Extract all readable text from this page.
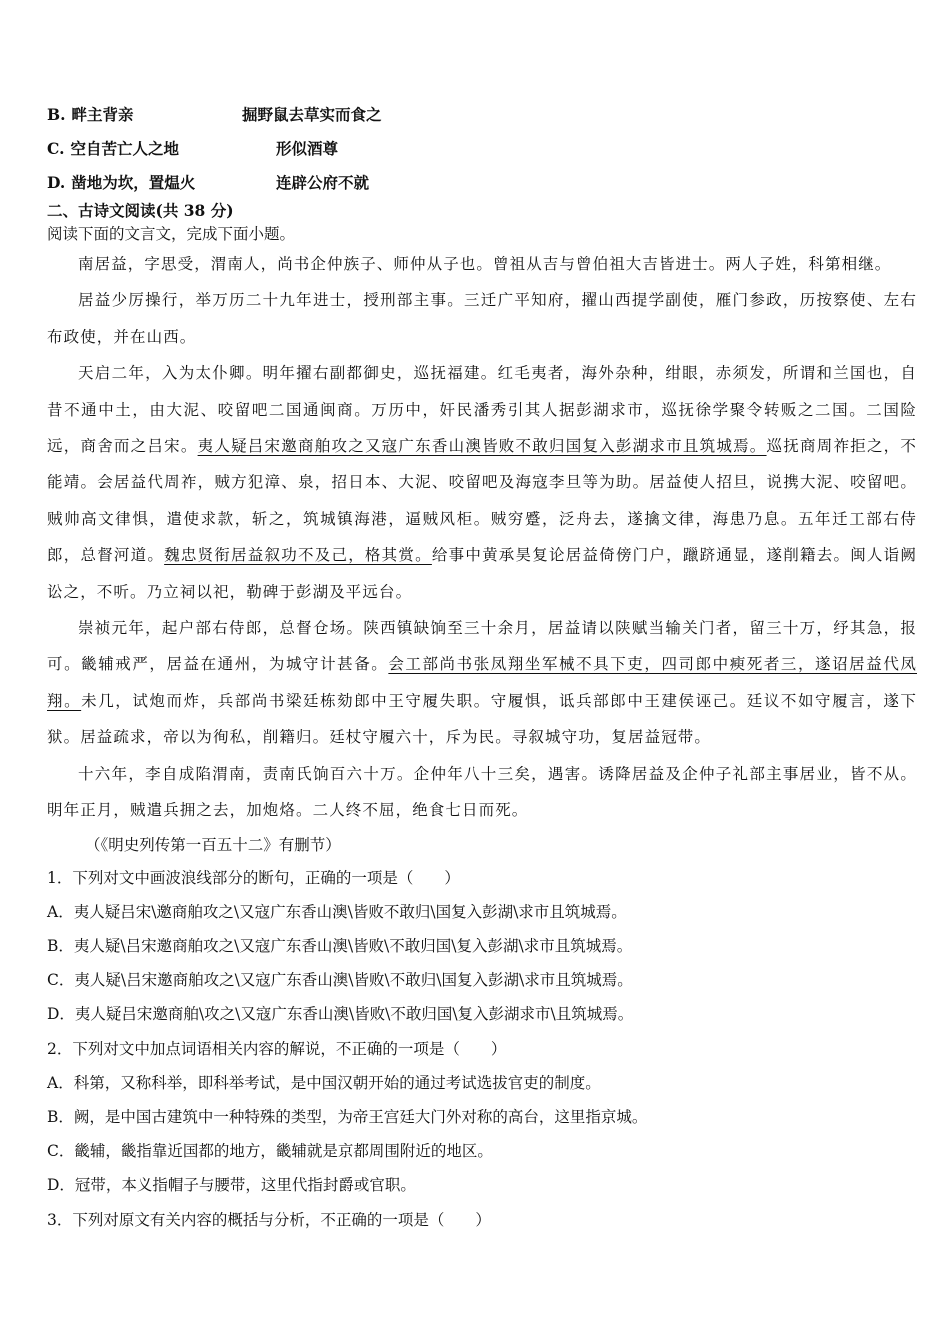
B. 畔主背亲	掘野鼠去草实而食之
C. 空自苦亡人之地	形似酒尊
D. 凿地为坎，置煴火	连辟公府不就
二、古诗文阅读(共 38 分)
阅读下面的文言文，完成下面小题。

南居益，字思受，渭南人，尚书企仲族子、师仲从子也。曾祖从吉与曾伯祖大吉皆进士。两人子姓，科第相继。

居益少厉操行，举万历二十九年进士，授刑部主事。三迁广平知府，擢山西提学副使，雁门参政，历按察使、左右布政使，并在山西。

天启二年，入为太仆卿。明年擢右副都御史，巡抚福建。红毛夷者，海外杂种，绀眼，赤须发，所谓和兰国也，自昔不通中土，由大泥、咬留吧二国通闽商。万历中，奸民潘秀引其人据彭湖求市，巡抚徐学聚令转贩之二国。二国险远，商舍而之吕宋。夷人疑吕宋邀商舶攻之又寇广东香山澳皆败不敢归国复入彭湖求市且筑城焉。巡抚商周祚拒之，不能靖。会居益代周祚，贼方犯漳、泉，招日本、大泥、咬留吧及海寇李旦等为助。居益使人招旦，说携大泥、咬留吧。贼帅高文律惧，遣使求款，斩之，筑城镇海港，逼贼风柜。贼穷蹙，泛舟去，遂擒文律，海患乃息。五年迁工部右侍郎，总督河道。魏忠贤衔居益叙功不及己，格其赏。给事中黄承昊复论居益倚傍门户，躐跻通显，遂削籍去。闽人诣阙讼之，不听。乃立祠以祀，勒碑于彭湖及平远台。

崇祯元年，起户部右侍郎，总督仓场。陕西镇缺饷至三十余月，居益请以陕赋当输关门者，留三十万，纾其急，报可。畿辅戒严，居益在通州，为城守计甚备。会工部尚书张凤翔坐军械不具下吏，四司郎中瘐死者三，遂诏居益代凤翔。未几，试炮而炸，兵部尚书梁廷栋劾郎中王守履失职。守履惧，诋兵部郎中王建侯诬己。廷议不如守履言，遂下狱。居益疏求，帝以为徇私，削籍归。廷杖守履六十，斥为民。寻叙城守功，复居益冠带。

十六年，李自成陷渭南，责南氏饷百六十万。企仲年八十三矣，遇害。诱降居益及企仲子礼部主事居业，皆不从。明年正月，贼遣兵拥之去，加炮烙。二人终不屈，绝食七日而死。

（《明史列传第一百五十二》有删节）
1．下列对文中画波浪线部分的断句，正确的一项是（　　）
A．夷人疑吕宋\邀商舶攻之\又寇广东香山澳\皆败不敢归\国复入彭湖\求市且筑城焉。
B．夷人疑\吕宋邀商舶攻之\又寇广东香山澳\皆败\不敢归国\复入彭湖\求市且筑城焉。
C．夷人疑\吕宋邀商舶攻之\又寇广东香山澳\皆败\不敢归\国复入彭湖\求市且筑城焉。
D．夷人疑吕宋邀商舶\攻之\又寇广东香山澳\皆败\不敢归国\复入彭湖求市\且筑城焉。
2．下列对文中加点词语相关内容的解说，不正确的一项是（　　）
A．科第，又称科举，即科举考试，是中国汉朝开始的通过考试选拔官吏的制度。
B．阙，是中国古建筑中一种特殊的类型，为帝王宫廷大门外对称的高台，这里指京城。
C．畿辅，畿指靠近国都的地方，畿辅就是京都周围附近的地区。
D．冠带，本义指帽子与腰带，这里代指封爵或官职。
3．下列对原文有关内容的概括与分析，不正确的一项是（　　）
